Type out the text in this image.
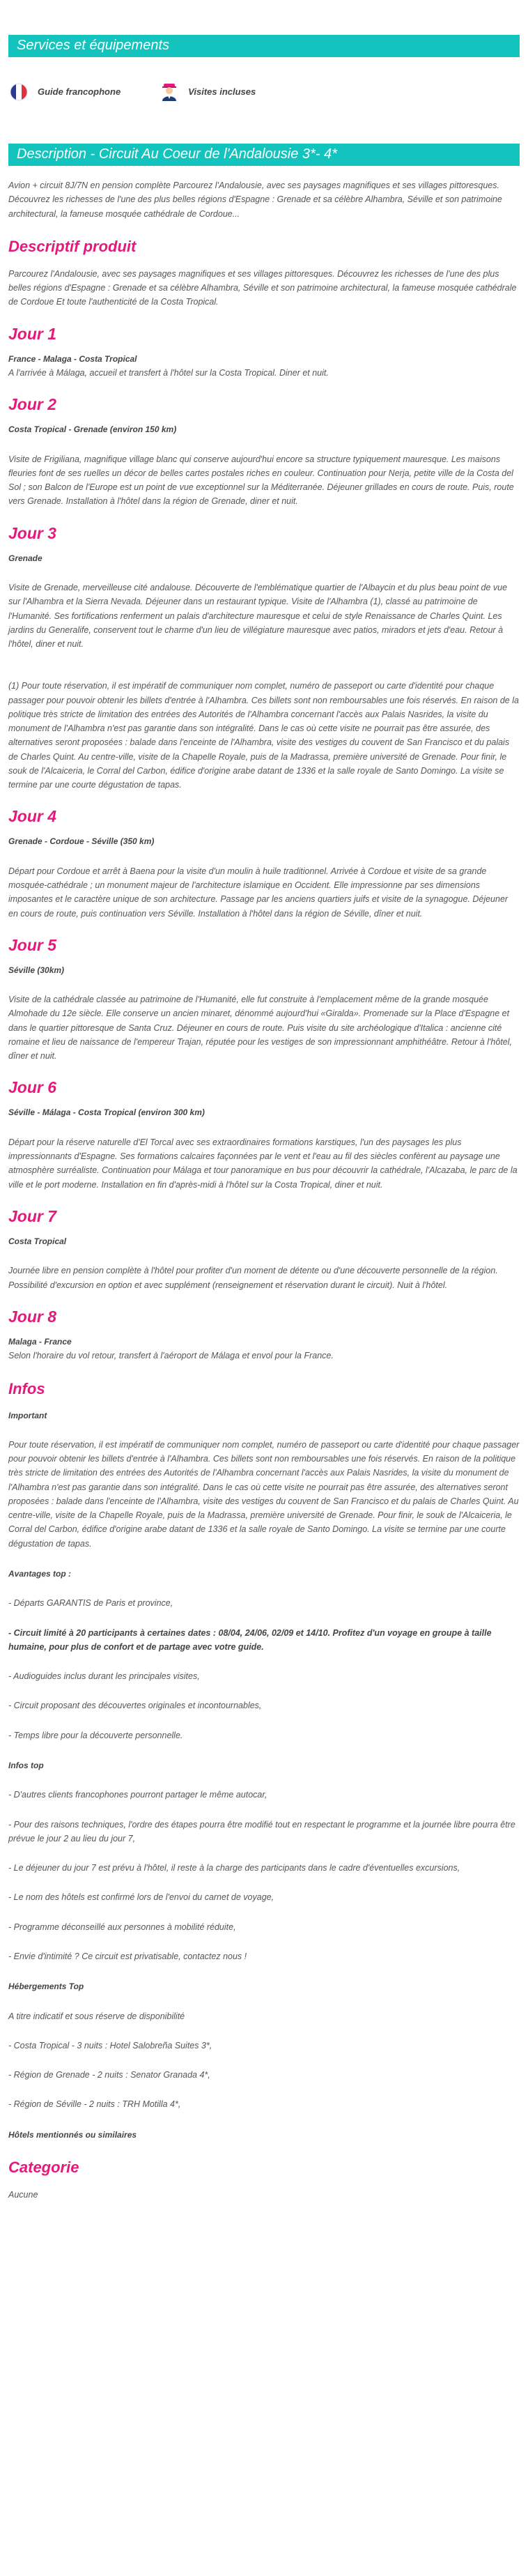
Services et équipements
Guide francophone	Visites incluses
Description - Circuit Au Coeur de l'Andalousie 3*- 4*

Avion + circuit 8J/7N en pension complète Parcourez l'Andalousie, avec ses paysages magnifiques et ses villages pittoresques. Découvrez les richesses de l'une des plus belles régions d'Espagne : Grenade et sa célèbre Alhambra, Séville et son patrimoine architectural, la fameuse mosquée cathédrale de Cordoue...

Descriptif produit

Parcourez l'Andalousie, avec ses paysages magnifiques et ses villages pittoresques. Découvrez les richesses de l'une des plus belles régions d'Espagne : Grenade et sa célèbre Alhambra, Séville et son patrimoine architectural, la fameuse mosquée cathédrale de Cordoue Et toute l'authenticité de la Costa Tropical.

Jour 1
France - Malaga - Costa Tropical

A l'arrivée à Málaga, accueil et transfert à l'hôtel sur la Costa Tropical. Diner et nuit.

Jour 2
Costa Tropical - Grenade (environ 150 km)

Visite de Frigiliana, magnifique village blanc qui conserve aujourd'hui encore sa structure typiquement mauresque. Les maisons fleuries font de ses ruelles un décor de belles cartes postales riches en couleur. Continuation pour Nerja, petite ville de la Costa del Sol ; son Balcon de l'Europe est un point de vue exceptionnel sur la Méditerranée. Déjeuner grillades en cours de route. Puis, route vers Grenade. Installation à l'hôtel dans la région de Grenade, diner et nuit.

Jour 3
Grenade

Visite de Grenade, merveilleuse cité andalouse. Découverte de l'emblématique quartier de l'Albaycin et du plus beau point de vue sur l'Alhambra et la Sierra Nevada. Déjeuner dans un restaurant typique. Visite de l'Alhambra (1), classé au patrimoine de l'Humanité. Ses fortifications renferment un palais d'architecture mauresque et celui de style Renaissance de Charles Quint. Les jardins du Generalife, conservent tout le charme d'un lieu de villégiature mauresque avec patios, miradors et jets d'eau. Retour à l'hôtel, diner et nuit.

(1) Pour toute réservation, il est impératif de communiquer nom complet, numéro de passeport ou carte d'identité pour chaque passager pour pouvoir obtenir les billets d'entrée à l'Alhambra. Ces billets sont non remboursables une fois réservés. En raison de la politique très stricte de limitation des entrées des Autorités de l'Alhambra concernant l'accès aux Palais Nasrides, la visite du monument de l'Alhambra n'est pas garantie dans son intégralité. Dans le cas où cette visite ne pourrait pas être assurée, des alternatives seront proposées : balade dans l'enceinte de l'Alhambra, visite des vestiges du couvent de San Francisco et du palais de Charles Quint. Au centre-ville, visite de la Chapelle Royale, puis de la Madrassa, première université de Grenade. Pour finir, le souk de l'Alcaiceria, le Corral del Carbon, édifice d'origine arabe datant de 1336 et la salle royale de Santo Domingo. La visite se termine par une courte dégustation de tapas.

Jour 4
Grenade - Cordoue - Séville (350 km)

Départ pour Cordoue et arrêt à Baena pour la visite d'un moulin à huile traditionnel. Arrivée à Cordoue et visite de sa grande mosquée-cathédrale ; un monument majeur de l'architecture islamique en Occident. Elle impressionne par ses dimensions imposantes et le caractère unique de son architecture. Passage par les anciens quartiers juifs et visite de la synagogue. Déjeuner en cours de route, puis continuation vers Séville. Installation à l'hôtel dans la région de Séville, dîner et nuit.

Jour 5
Séville (30km)

Visite de la cathédrale classée au patrimoine de l'Humanité, elle fut construite à l'emplacement même de la grande mosquée Almohade du 12e siècle. Elle conserve un ancien minaret, dénommé aujourd'hui «Giralda». Promenade sur la Place d'Espagne et dans le quartier pittoresque de Santa Cruz. Déjeuner en cours de route. Puis visite du site archéologique d'Italica : ancienne cité romaine et lieu de naissance de l'empereur Trajan, réputée pour les vestiges de son impressionnant amphithéâtre. Retour à l'hôtel, dîner et nuit.

Jour 6
Séville - Málaga - Costa Tropical (environ 300 km)

Départ pour la réserve naturelle d'El Torcal avec ses extraordinaires formations karstiques, l'un des paysages les plus impressionnants d'Espagne. Ses formations calcaires façonnées par le vent et l'eau au fil des siècles confèrent au paysage une atmosphère surréaliste. Continuation pour Málaga et tour panoramique en bus pour découvrir la cathédrale, l'Alcazaba, le parc de la ville et le port moderne. Installation en fin d'après-midi à l'hôtel sur la Costa Tropical, diner et nuit.

Jour 7
Costa Tropical

Journée libre en pension complète à l'hôtel pour profiter d'un moment de détente ou d'une découverte personnelle de la région. Possibilité d'excursion en option et avec supplément (renseignement et réservation durant le circuit). Nuit à l'hôtel.

Jour 8
Malaga - France

Selon l'horaire du vol retour, transfert à l'aéroport de Málaga et envol pour la France.

Infos
Important

Pour toute réservation, il est impératif de communiquer nom complet, numéro de passeport ou carte d'identité pour chaque passager pour pouvoir obtenir les billets d'entrée à l'Alhambra. Ces billets sont non remboursables une fois réservés. En raison de la politique très stricte de limitation des entrées des Autorités de l'Alhambra concernant l'accès aux Palais Nasrides, la visite du monument de l'Alhambra n'est pas garantie dans son intégralité. Dans le cas où cette visite ne pourrait pas être assurée, des alternatives seront proposées : balade dans l'enceinte de l'Alhambra, visite des vestiges du couvent de San Francisco et du palais de Charles Quint. Au centre-ville, visite de la Chapelle Royale, puis de la Madrassa, première université de Grenade. Pour finir, le souk de l'Alcaiceria, le Corral del Carbon, édifice d'origine arabe datant de 1336 et la salle royale de Santo Domingo. La visite se termine par une courte dégustation de tapas.

Avantages top :

- Départs GARANTIS de Paris et province,

- Circuit limité à 20 participants à certaines dates : 08/04, 24/06, 02/09 et 14/10. Profitez d'un voyage en groupe à taille humaine, pour plus de confort et de partage avec votre guide.

- Audioguides inclus durant les principales visites,

- Circuit proposant des découvertes originales et incontournables,

- Temps libre pour la découverte personnelle.

Infos top

- D'autres clients francophones pourront partager le même autocar,

- Pour des raisons techniques, l'ordre des étapes pourra être modifié tout en respectant le programme et la journée libre pourra être prévue le jour 2 au lieu du jour 7,

- Le déjeuner du jour 7 est prévu à l'hôtel, il reste à la charge des participants dans le cadre d'éventuelles excursions,

- Le nom des hôtels est confirmé lors de l'envoi du carnet de voyage,

- Programme déconseillé aux personnes à mobilité réduite,

- Envie d'intimité ? Ce circuit est privatisable, contactez nous !

Hébergements Top

A titre indicatif et sous réserve de disponibilité

- Costa Tropical - 3 nuits : Hotel Salobreña Suites 3*,

- Région de Grenade - 2 nuits : Senator Granada 4*,

- Région de Séville - 2 nuits : TRH Motilla 4*,

Hôtels mentionnés ou similaires
Categorie

Aucune
